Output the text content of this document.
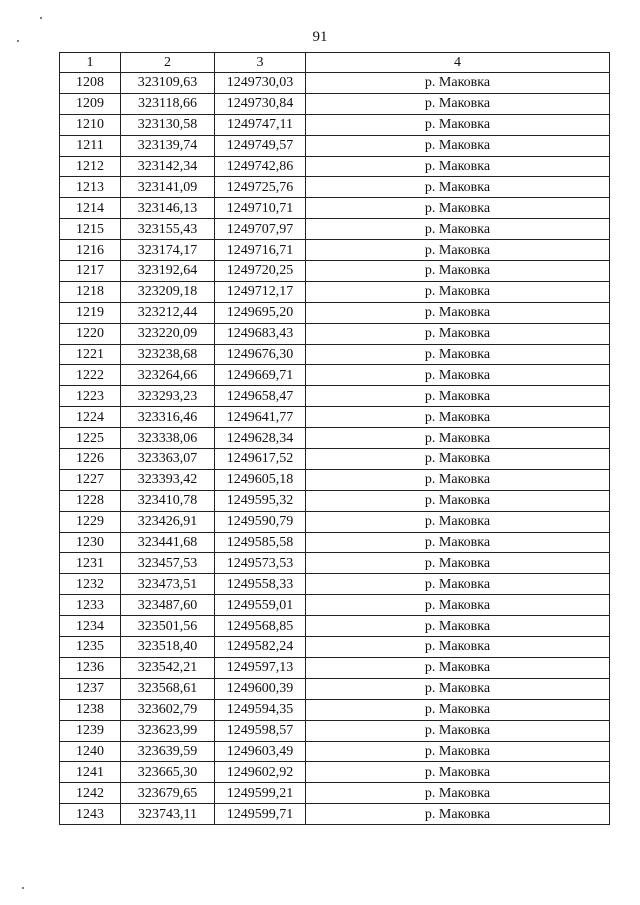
91
1	2	3	4
1208	323109,63	1249730,03	р. Маковка
1209	323118,66	1249730,84	р. Маковка
1210	323130,58	1249747,11	р. Маковка
1211	323139,74	1249749,57	р. Маковка
1212	323142,34	1249742,86	р. Маковка
1213	323141,09	1249725,76	р. Маковка
1214	323146,13	1249710,71	р. Маковка
1215	323155,43	1249707,97	р. Маковка
1216	323174,17	1249716,71	р. Маковка
1217	323192,64	1249720,25	р. Маковка
1218	323209,18	1249712,17	р. Маковка
1219	323212,44	1249695,20	р. Маковка
1220	323220,09	1249683,43	р. Маковка
1221	323238,68	1249676,30	р. Маковка
1222	323264,66	1249669,71	р. Маковка
1223	323293,23	1249658,47	р. Маковка
1224	323316,46	1249641,77	р. Маковка
1225	323338,06	1249628,34	р. Маковка
1226	323363,07	1249617,52	р. Маковка
1227	323393,42	1249605,18	р. Маковка
1228	323410,78	1249595,32	р. Маковка
1229	323426,91	1249590,79	р. Маковка
1230	323441,68	1249585,58	р. Маковка
1231	323457,53	1249573,53	р. Маковка
1232	323473,51	1249558,33	р. Маковка
1233	323487,60	1249559,01	р. Маковка
1234	323501,56	1249568,85	р. Маковка
1235	323518,40	1249582,24	р. Маковка
1236	323542,21	1249597,13	р. Маковка
1237	323568,61	1249600,39	р. Маковка
1238	323602,79	1249594,35	р. Маковка
1239	323623,99	1249598,57	р. Маковка
1240	323639,59	1249603,49	р. Маковка
1241	323665,30	1249602,92	р. Маковка
1242	323679,65	1249599,21	р. Маковка
1243	323743,11	1249599,71	р. Маковка
